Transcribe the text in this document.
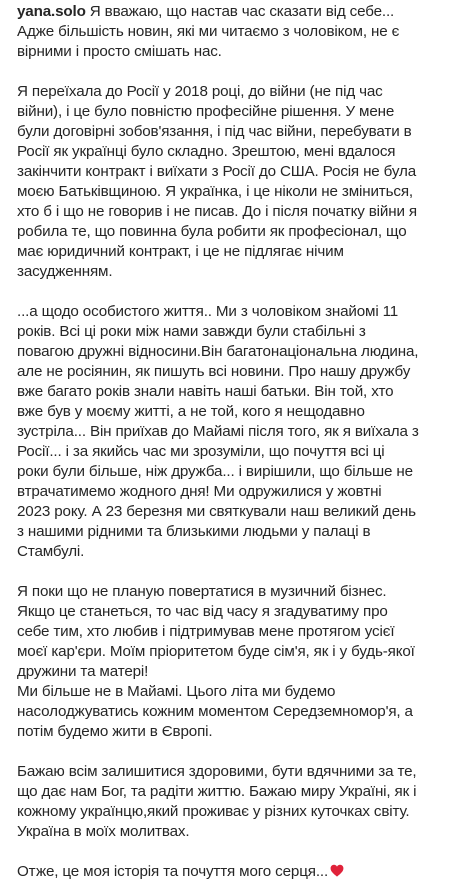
yana.solo Я вважаю, що настав час сказати від себе...
Адже більшість новин, які ми читаємо з чоловіком, не є
вірними і просто смішать нас.

Я переїхала до Росії у 2018 році, до війни (не під час
війни), і це було повністю професійне рішення. У мене
були договірні зобов'язання, і під час війни, перебувати в
Росії як українці було складно. Зрештою, мені вдалося
закінчити контракт і виїхати з Росії до США. Росія не була
моєю Батьківщиною. Я українка, і це ніколи не зміниться,
хто б і що не говорив і не писав. До і після початку війни я
робила те, що повинна була робити як професіонал, що
має юридичний контракт, і це не підлягає нічим
засудженням.

...а щодо особистого життя.. Ми з чоловіком знайомі 11
років. Всі ці роки між нами завжди були стабільні з
повагою дружні відносини.Він багатонаціональна людина,
але не росіянин, як пишуть всі новини. Про нашу дружбу
вже багато років знали навіть наші батьки. Він той, хто
вже був у моєму житті, а не той, кого я нещодавно
зустріла... Він приїхав до Майамі після того, як я виїхала з
Росії... і за якийсь час ми зрозуміли, що почуття всі ці
роки були більше, ніж дружба... і вирішили, що більше не
втрачатимемо жодного дня! Ми одружилися у жовтні
2023 року. А 23 березня ми святкували наш великий день
з нашими рідними та близькими людьми у палаці в
Стамбулі.

Я поки що не планую повертатися в музичний бізнес.
Якщо це станеться, то час від часу я згадуватиму про
себе тим, хто любив і підтримував мене протягом усієї
моєї кар'єри. Моїм пріоритетом буде сім'я, як і у будь-якої
дружини та матері!

Ми більше не в Майамі. Цього літа ми будемо
насолоджуватись кожним моментом Середземномор'я, а
потім будемо жити в Європі.

Бажаю всім залишитися здоровими, бути вдячними за те,
що дає нам Бог, та радіти життю. Бажаю миру Україні, як і
кожному українцю,який проживає у різних куточках світу.
Україна в моїх молитвах.

Отже, це моя історія та почуття мого серця...
